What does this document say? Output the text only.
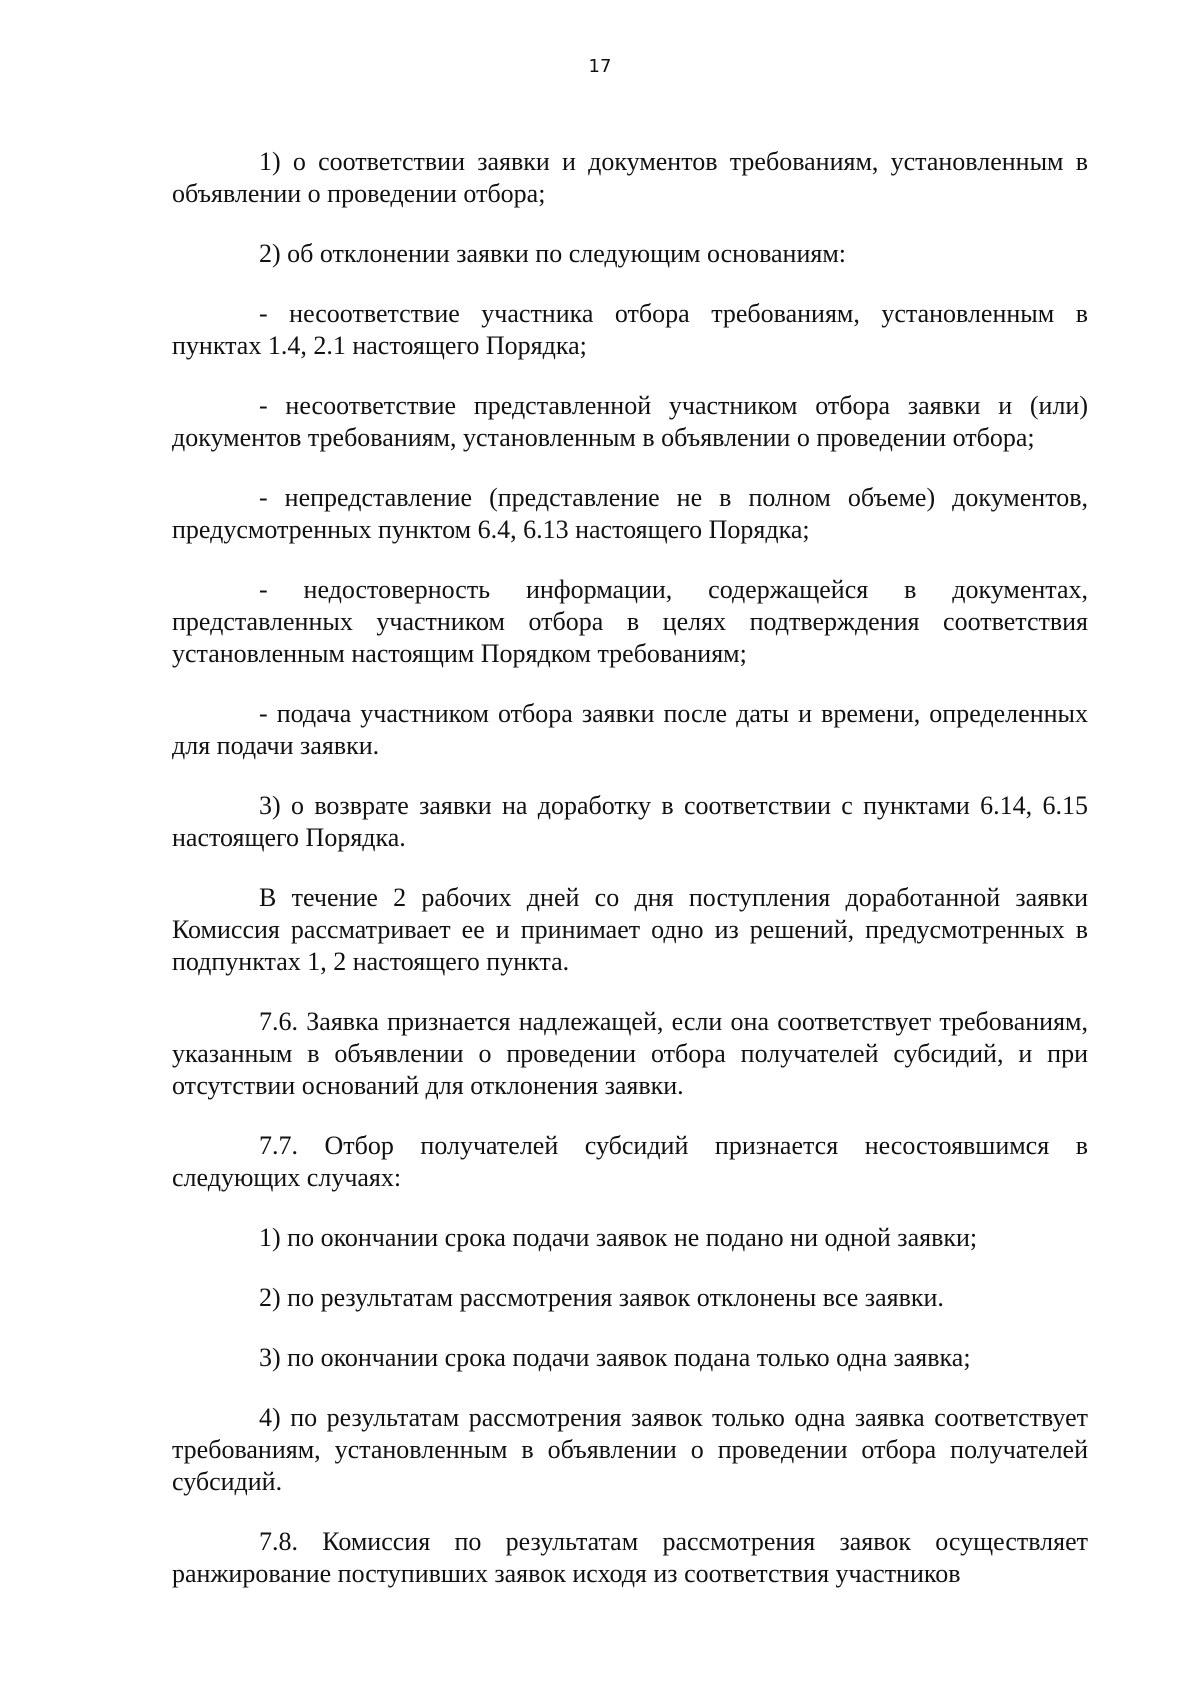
17

1) о соответствии заявки и документов требованиям, установленным в объявлении о проведении отбора;

2) об отклонении заявки по следующим основаниям:

- несоответствие участника отбора требованиям, установленным в пунктах 1.4, 2.1 настоящего Порядка;

- несоответствие представленной участником отбора заявки и (или) документов требованиям, установленным в объявлении о проведении отбора;

- непредставление (представление не в полном объеме) документов, предусмотренных пунктом 6.4, 6.13 настоящего Порядка;

- недостоверность информации, содержащейся в документах, представленных участником отбора в целях подтверждения соответствия установленным настоящим Порядком требованиям;

- подача участником отбора заявки после даты и времени, определенных для подачи заявки.

3) о возврате заявки на доработку в соответствии с пунктами 6.14, 6.15 настоящего Порядка.

В течение 2 рабочих дней со дня поступления доработанной заявки Комиссия рассматривает ее и принимает одно из решений, предусмотренных в подпунктах 1, 2 настоящего пункта.

7.6. Заявка признается надлежащей, если она соответствует требованиям, указанным в объявлении о проведении отбора получателей субсидий, и при отсутствии оснований для отклонения заявки.

7.7. Отбор получателей субсидий признается несостоявшимся в следующих случаях:

1) по окончании срока подачи заявок не подано ни одной заявки;

2) по результатам рассмотрения заявок отклонены все заявки.

3) по окончании срока подачи заявок подана только одна заявка;

4) по результатам рассмотрения заявок только одна заявка соответствует требованиям, установленным в объявлении о проведении отбора получателей субсидий.

7.8. Комиссия по результатам рассмотрения заявок осуществляет ранжирование поступивших заявок исходя из соответствия участников
